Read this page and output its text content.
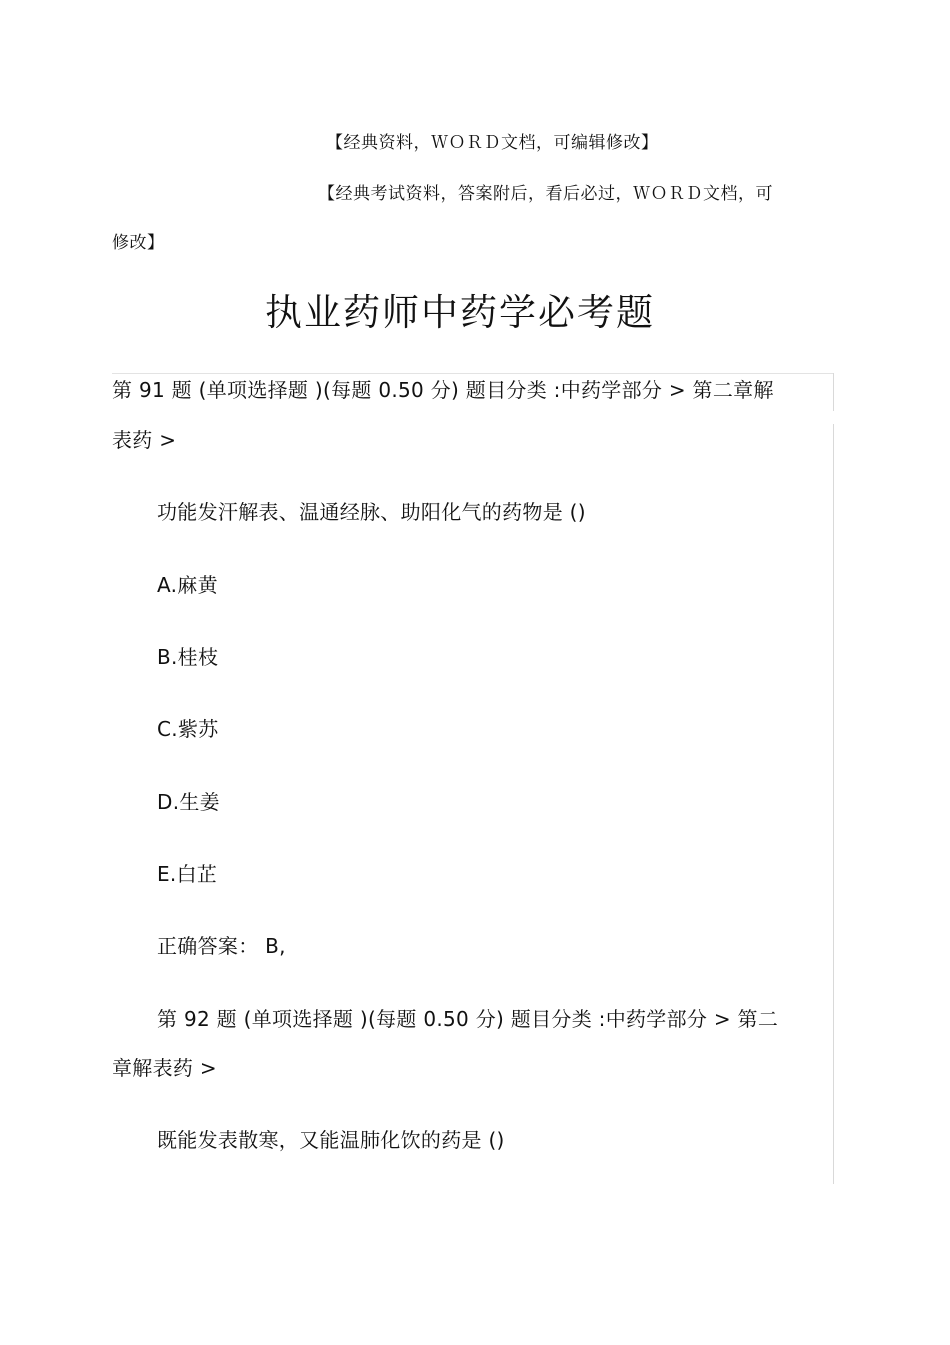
【经典资料，ＷＯＲＤ文档，可编辑修改】
【经典考试资料，答案附后，看后必过，ＷＯＲＤ文档，可
修改】
执业药师中药学必考题
第 91 题 (单项选择题 )(每题 0.50 分) 题目分类 :中药学部分 > 第二章解
表药 >
功能发汗解表、温通经脉、助阳化气的药物是 ()
A.麻黄
B.桂枝
C.紫苏
D.生姜
E.白芷
正确答案： B,
第 92 题 (单项选择题 )(每题 0.50 分) 题目分类 :中药学部分 > 第二
章解表药 >
既能发表散寒，又能温肺化饮的药是 ()
